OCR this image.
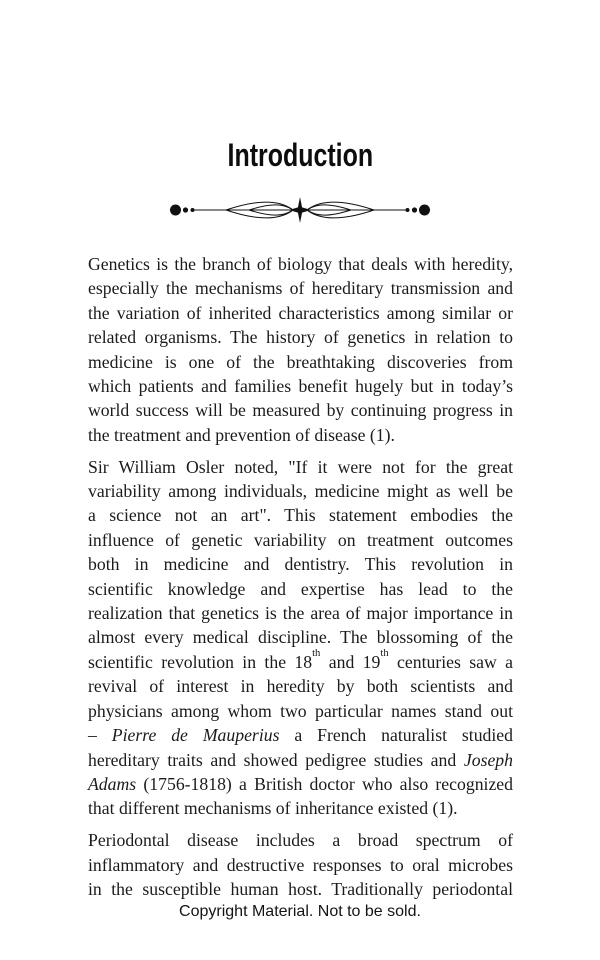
Introduction
Genetics is the branch of biology that deals with heredity,
especially the mechanisms of hereditary transmission and
the variation of inherited characteristics among similar or
related organisms. The history of genetics in relation to
medicine is one of the breathtaking discoveries from
which patients and families benefit hugely but in today’s
world success will be measured by continuing progress in
the treatment and prevention of disease (1).
Sir William Osler noted, "If it were not for the great
variability among individuals, medicine might as well be
a science not an art". This statement embodies the
influence of genetic variability on treatment outcomes
both in medicine and dentistry. This revolution in
scientific knowledge and expertise has lead to the
realization that genetics is the area of major importance in
almost every medical discipline. The blossoming of the
scientific revolution in the 18th and 19th centuries saw a
revival of interest in heredity by both scientists and
physicians among whom two particular names stand out
– Pierre de Mauperius a French naturalist studied
hereditary traits and showed pedigree studies and Joseph
Adams (1756-1818) a British doctor who also recognized
that different mechanisms of inheritance existed (1).
Periodontal disease includes a broad spectrum of
inflammatory and destructive responses to oral microbes
in the susceptible human host. Traditionally periodontal
Copyright Material. Not to be sold.
